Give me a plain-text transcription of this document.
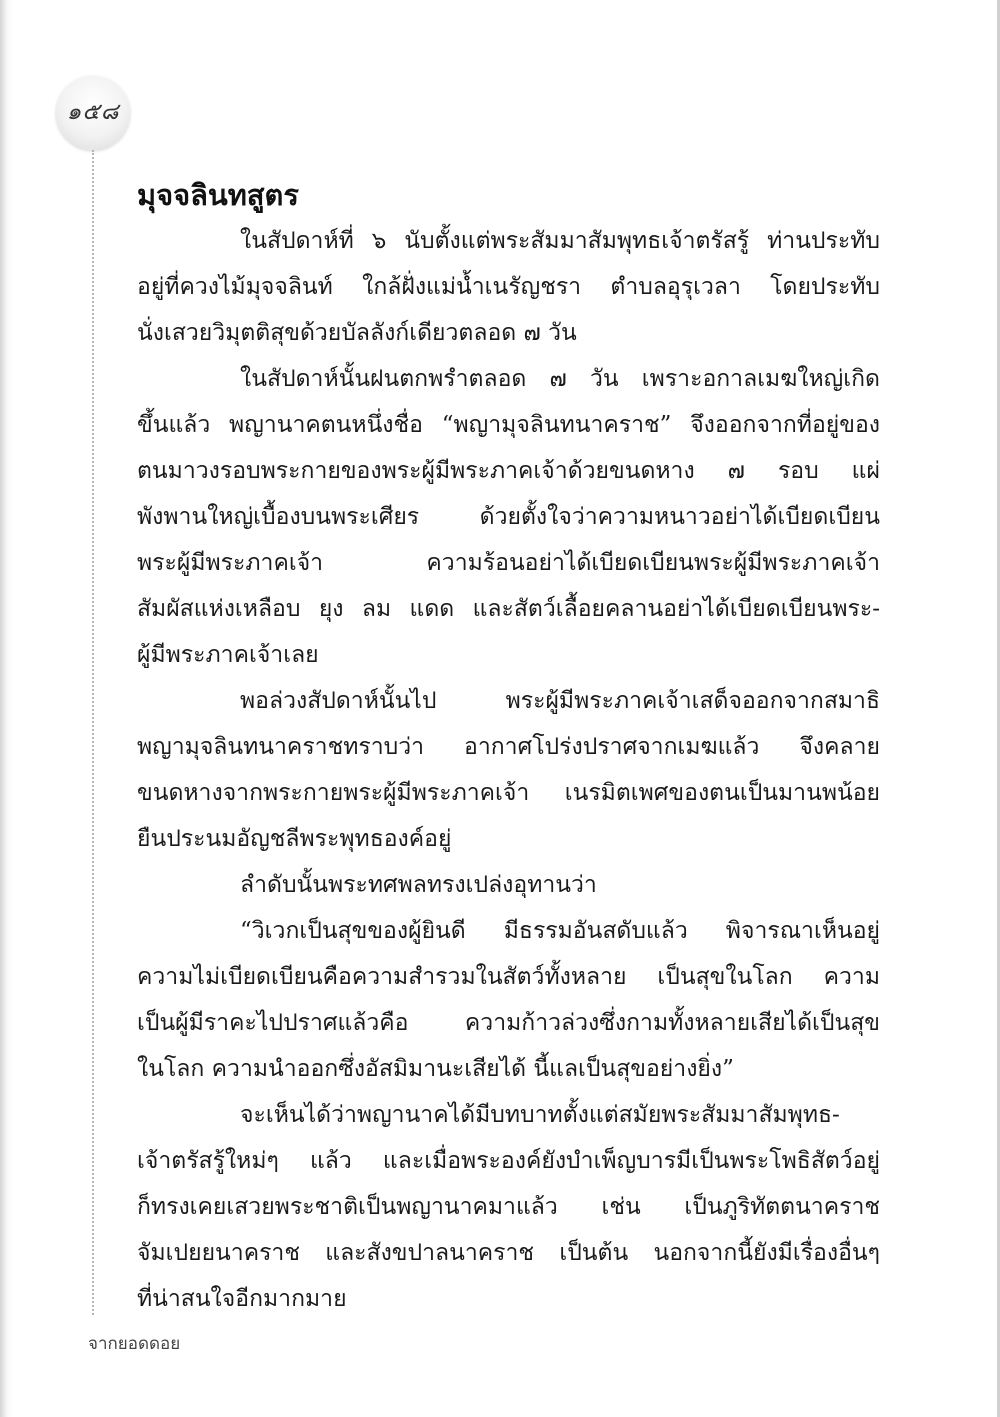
๑๕๘
มุจจลินทสูตร
ในสัปดาห์ที่ ๖ นับตั้งแต่พระสัมมาสัมพุทธเจ้าตรัสรู้ ท่านประทับ
อยู่ที่ควงไม้มุจจลินท์ ใกล้ฝั่งแม่น้ำเนรัญชรา ตำบลอุรุเวลา โดยประทับ
นั่งเสวยวิมุตติสุขด้วยบัลลังก์เดียวตลอด ๗ วัน
ในสัปดาห์นั้นฝนตกพรำตลอด ๗ วัน เพราะอกาลเมฆใหญ่เกิด
ขึ้นแล้ว พญานาคตนหนึ่งชื่อ “พญามุจลินทนาคราช” จึงออกจากที่อยู่ของ
ตนมาวงรอบพระกายของพระผู้มีพระภาคเจ้าด้วยขนดหาง ๗ รอบ แผ่
พังพานใหญ่เบื้องบนพระเศียร ด้วยตั้งใจว่าความหนาวอย่าได้เบียดเบียน
พระผู้มีพระภาคเจ้า ความร้อนอย่าได้เบียดเบียนพระผู้มีพระภาคเจ้า
สัมผัสแห่งเหลือบ ยุง ลม แดด และสัตว์เลื้อยคลานอย่าได้เบียดเบียนพระ-
ผู้มีพระภาคเจ้าเลย
พอล่วงสัปดาห์นั้นไป พระผู้มีพระภาคเจ้าเสด็จออกจากสมาธิ
พญามุจลินทนาคราชทราบว่า อากาศโปร่งปราศจากเมฆแล้ว จึงคลาย
ขนดหางจากพระกายพระผู้มีพระภาคเจ้า เนรมิตเพศของตนเป็นมานพน้อย
ยืนประนมอัญชลีพระพุทธองค์อยู่
ลำดับนั้นพระทศพลทรงเปล่งอุทานว่า
“วิเวกเป็นสุขของผู้ยินดี มีธรรมอันสดับแล้ว พิจารณาเห็นอยู่
ความไม่เบียดเบียนคือความสำรวมในสัตว์ทั้งหลาย เป็นสุขในโลก ความ
เป็นผู้มีราคะไปปราศแล้วคือ ความก้าวล่วงซึ่งกามทั้งหลายเสียได้เป็นสุข
ในโลก ความนำออกซึ่งอัสมิมานะเสียได้ นี้แลเป็นสุขอย่างยิ่ง”
จะเห็นได้ว่าพญานาคได้มีบทบาทตั้งแต่สมัยพระสัมมาสัมพุทธ-
เจ้าตรัสรู้ใหม่ๆ แล้ว และเมื่อพระองค์ยังบำเพ็ญบารมีเป็นพระโพธิสัตว์อยู่
ก็ทรงเคยเสวยพระชาติเป็นพญานาคมาแล้ว เช่น เป็นภูริทัตตนาคราช
จัมเปยยนาคราช และสังขปาลนาคราช เป็นต้น นอกจากนี้ยังมีเรื่องอื่นๆ
ที่น่าสนใจอีกมากมาย
จากยอดดอย
